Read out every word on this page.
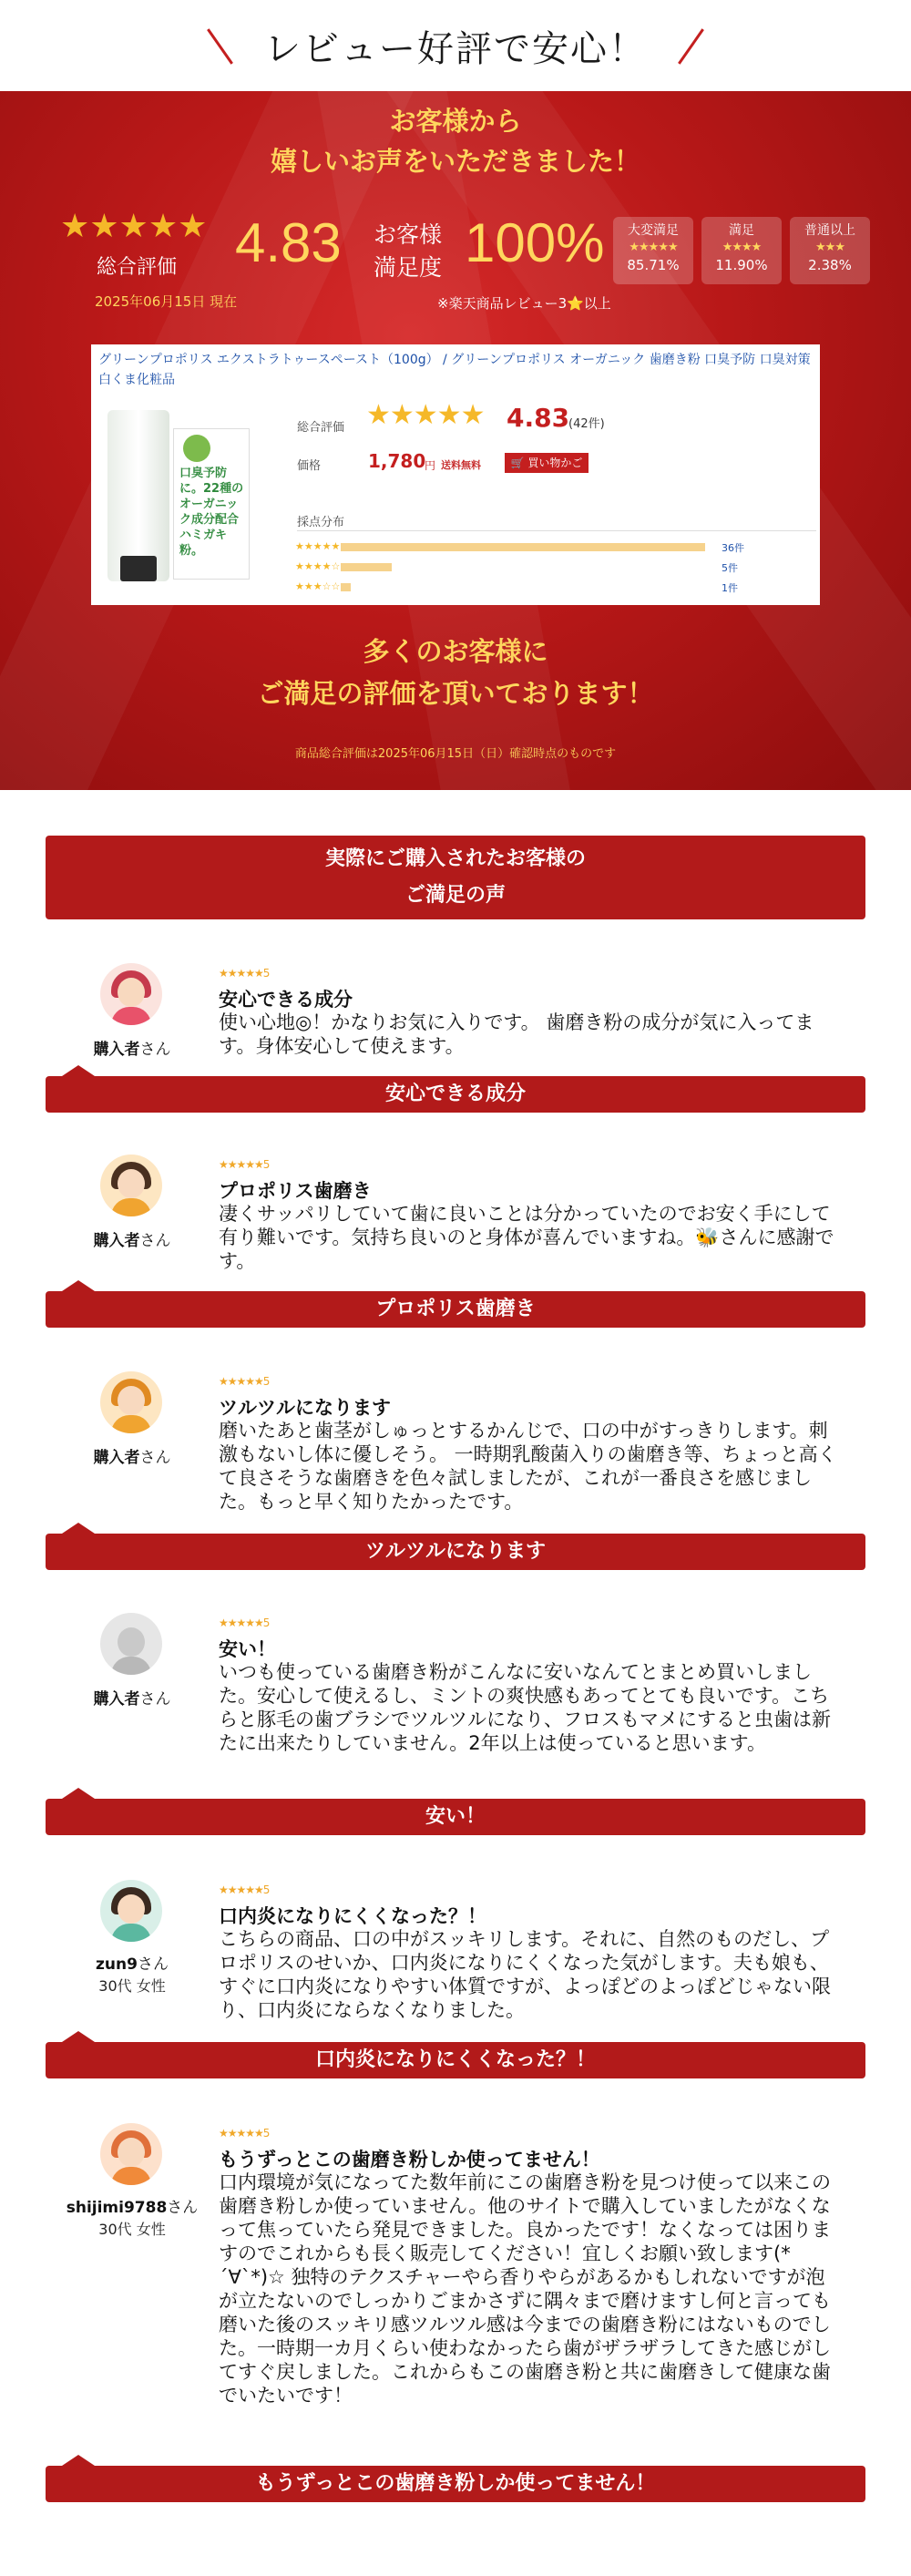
レビュー好評で安心！
お客様から
嬉しいお声をいただきました！
★★★★★
総合評価 4.83 お客様
満足度 100%	大変満足
★★★★★
85.71%
満足
★★★★
11.90%
普通以上
★★★
2.38%
2025年06月15日 現在	※楽天商品レビュー3⭐以上
グリーンプロポリス エクストラトゥースペースト（100g） / グリーンプロポリス オーガニック 歯磨き粉 口臭予防 口臭対策 白くま化粧品
口臭予防に。22種のオーガニック成分配合ハミガキ粉。
総合評価 ★★★★★ 4.83
(42件)
価格	1,780
円 送料無料	🛒 買い物かご
採点分布
★★★★★	36件
★★★★☆	5件
★★★☆☆	1件
多くのお客様に
ご満足の評価を頂いております！
商品総合評価は2025年06月15日（日）確認時点のものです
実際にご購入されたお客様の
ご満足の声
購入者さん
★★★★★5
安心できる成分
使い心地◎！かなりお気に入りです。 歯磨き粉の成分が気に入ってます。身体安心して使えます。
安心できる成分
購入者さん
★★★★★5
プロポリス歯磨き
凄くサッパリしていて歯に良いことは分かっていたのでお安く手にして有り難いです。気持ち良いのと身体が喜んでいますね。🐝さんに感謝です。
プロポリス歯磨き
購入者さん
★★★★★5
ツルツルになります
磨いたあと歯茎がしゅっとするかんじで、口の中がすっきりします。刺激もないし体に優しそう。 一時期乳酸菌入りの歯磨き等、ちょっと高くて良さそうな歯磨きを色々試しましたが、これが一番良さを感じました。もっと早く知りたかったです。
ツルツルになります
購入者さん
★★★★★5
安い！
いつも使っている歯磨き粉がこんなに安いなんてとまとめ買いしました。安心して使えるし、ミントの爽快感もあってとても良いです。こちらと豚毛の歯ブラシでツルツルになり、フロスもマメにすると虫歯は新たに出来たりしていません。2年以上は使っていると思います。
安い！
zun9さん
30代 女性
★★★★★5
口内炎になりにくくなった？！
こちらの商品、口の中がスッキリします。それに、自然のものだし、プロポリスのせいか、口内炎になりにくくなった気がします。夫も娘も、すぐに口内炎になりやすい体質ですが、よっぽどのよっぽどじゃない限り、口内炎にならなくなりました。
口内炎になりにくくなった？！
shijimi9788さん
30代 女性
★★★★★5
もうずっとこの歯磨き粉しか使ってません！
口内環境が気になってた数年前にこの歯磨き粉を見つけ使って以来この歯磨き粉しか使っていません。他のサイトで購入していましたがなくなって焦っていたら発見できました。良かったです！なくなっては困りますのでこれからも長く販売してください！宜しくお願い致します(*´∀`*)☆ 独特のテクスチャーやら香りやらがあるかもしれないですが泡が立たないのでしっかりごまかさずに隅々まで磨けますし何と言っても磨いた後のスッキリ感ツルツル感は今までの歯磨き粉にはないものでした。一時期一カ月くらい使わなかったら歯がザラザラしてきた感じがしてすぐ戻しました。これからもこの歯磨き粉と共に歯磨きして健康な歯でいたいです！
もうずっとこの歯磨き粉しか使ってません！
